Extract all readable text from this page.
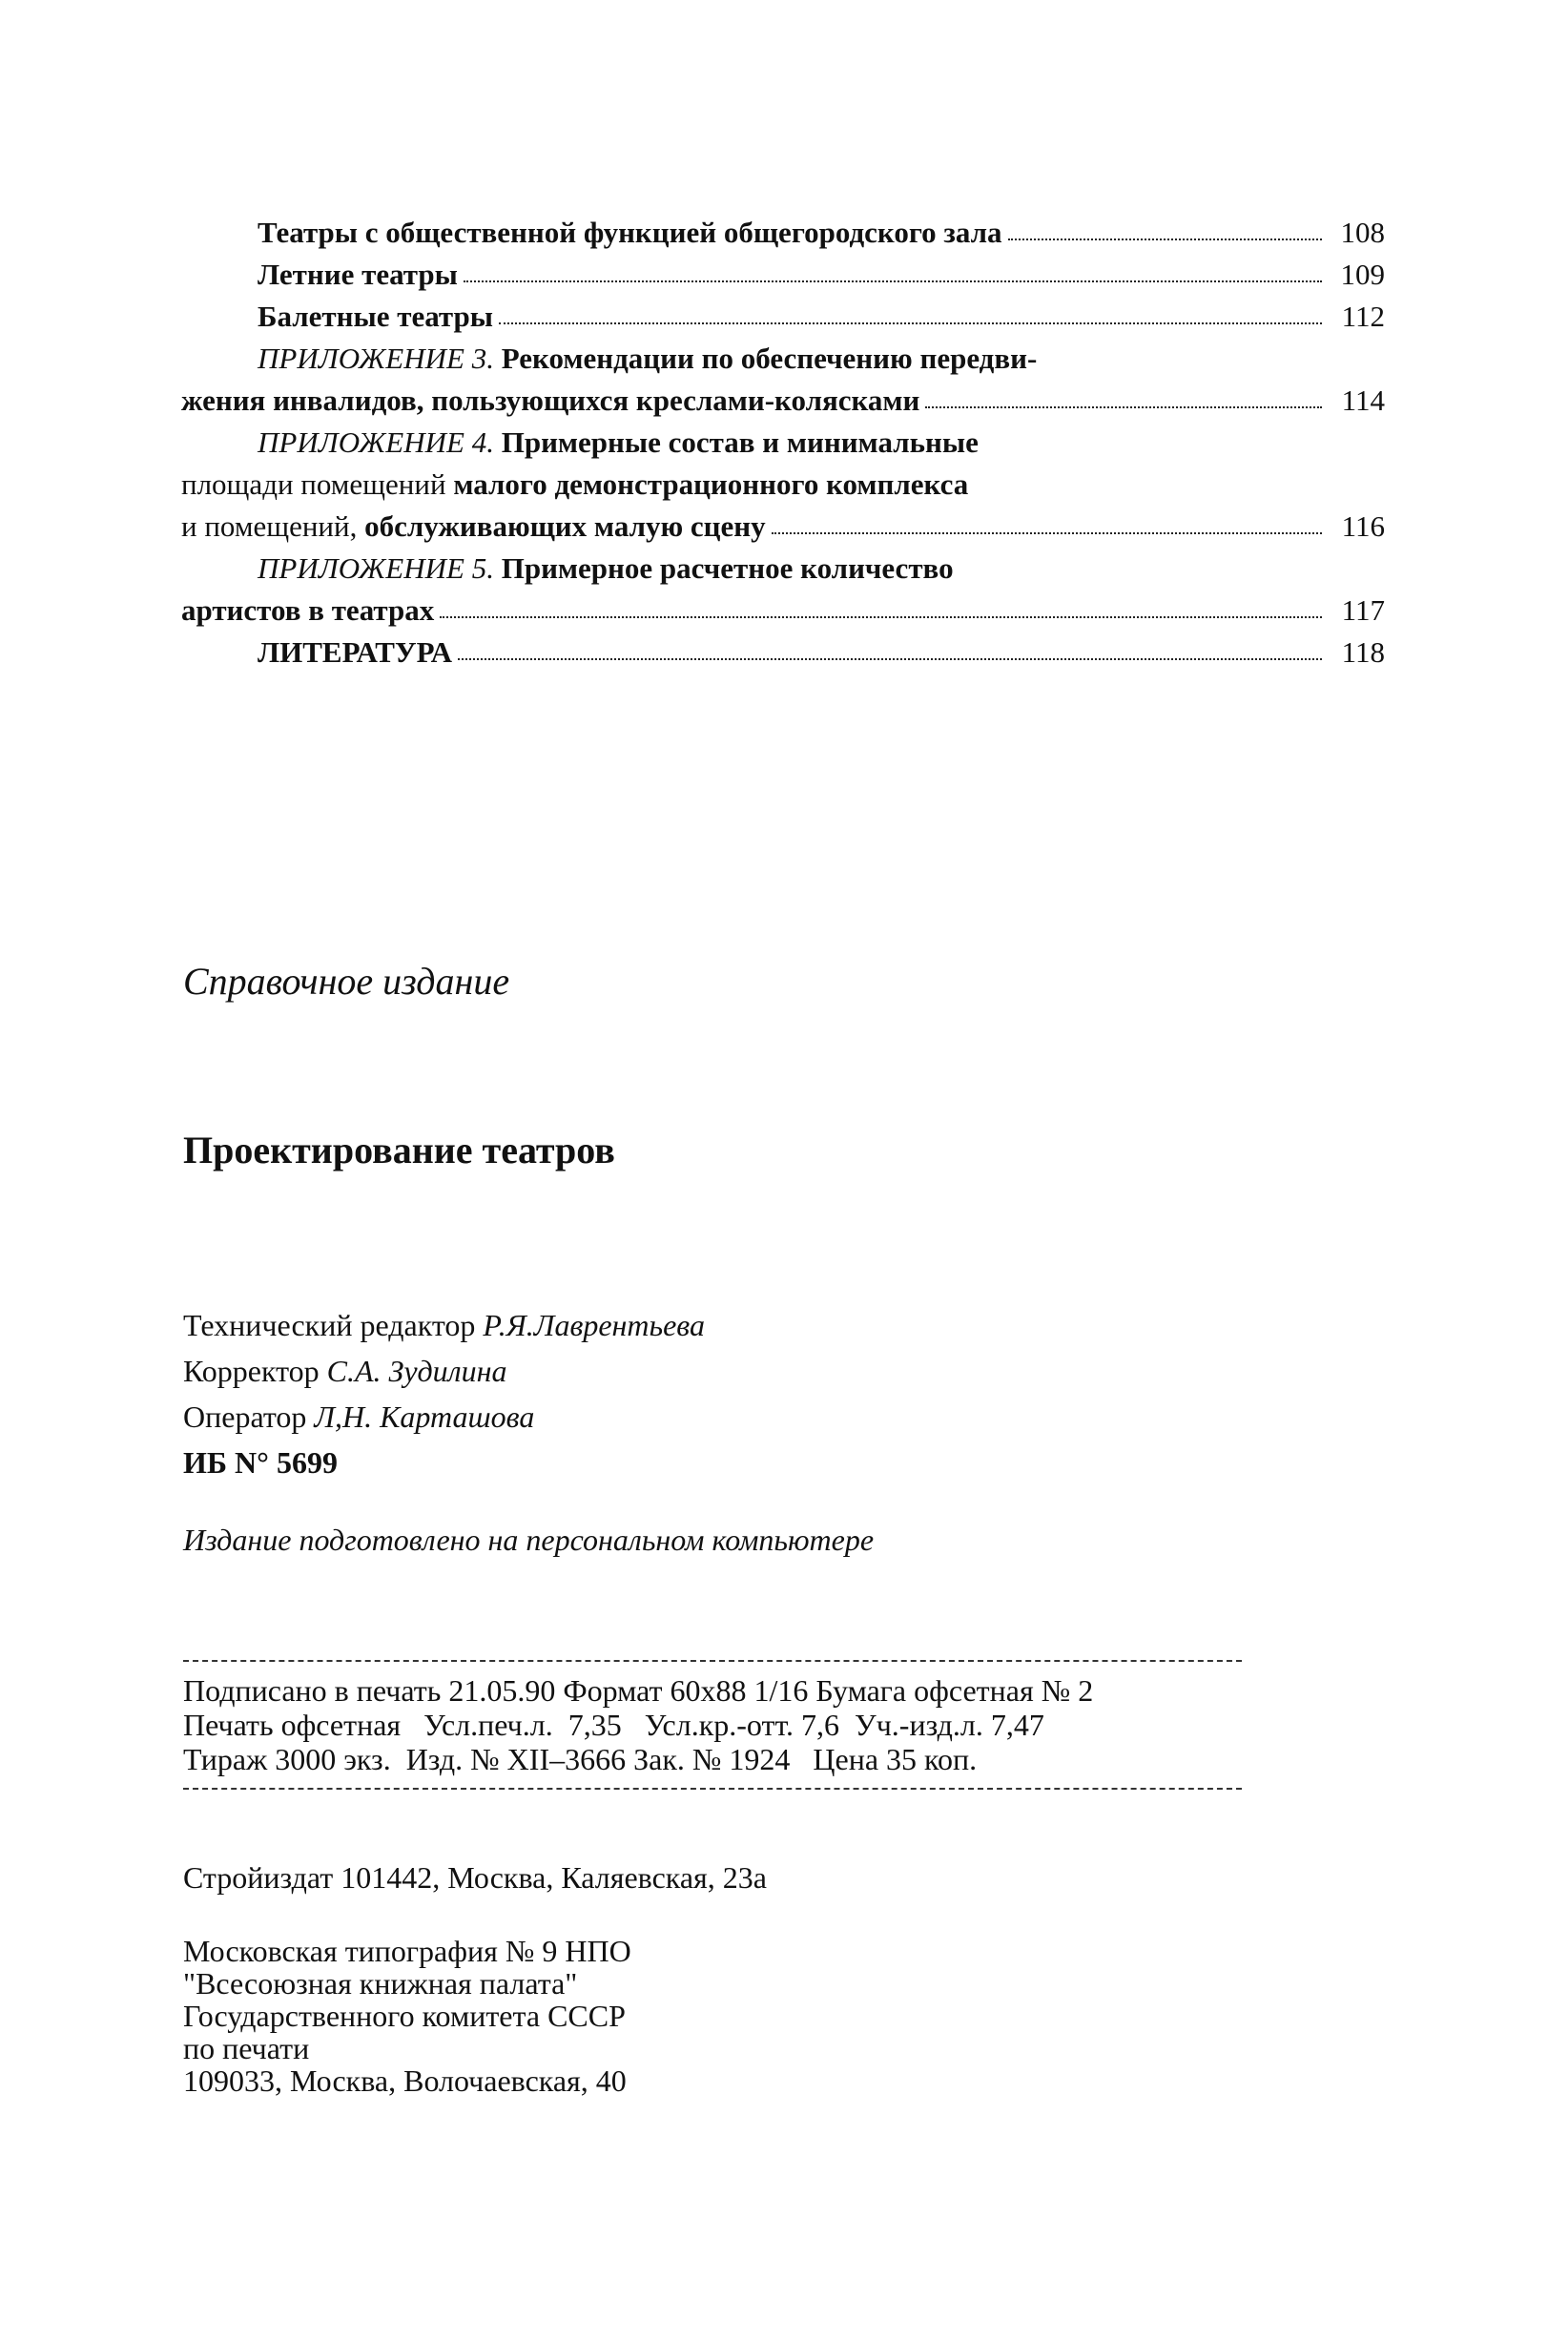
Театры с общественной функцией общегородского зала	108
Летние театры	109
Балетные театры	112
ПРИЛОЖЕНИЕ 3.
Рекомендации по обеспечению передви-
жения инвалидов, пользующихся креслами-колясками	114
ПРИЛОЖЕНИЕ 4.
Примерные состав и минимальные
площади помещений
малого демонстрационного комплекса
и помещений,
обслуживающих малую сцену	116
ПРИЛОЖЕНИЕ 5.
Примерное расчетное количество
артистов в театрах	117
ЛИТЕРАТУРА	118
Справочное издание
Проектирование театров
Технический редактор Р.Я.Лаврентьева
Корректор С.А. Зудилина
Оператор Л,Н. Карташова
ИБ N° 5699
Издание подготовлено на персональном компьютере
Подписано в печать 21.05.90 Формат 60х88 1/16 Бумага офсетная № 2
Печать офсетная   Усл.печ.л.  7,35   Усл.кр.-отт. 7,6  Уч.-изд.л. 7,47
Тираж 3000 экз.  Изд. № XII–3666 Зак. № 1924   Цена 35 коп.
Стройиздат 101442, Москва, Каляевская, 23а
Московская типография № 9 НПО
"Всесоюзная книжная палата"
Государственного комитета СССР
по печати
109033, Москва, Волочаевская, 40
